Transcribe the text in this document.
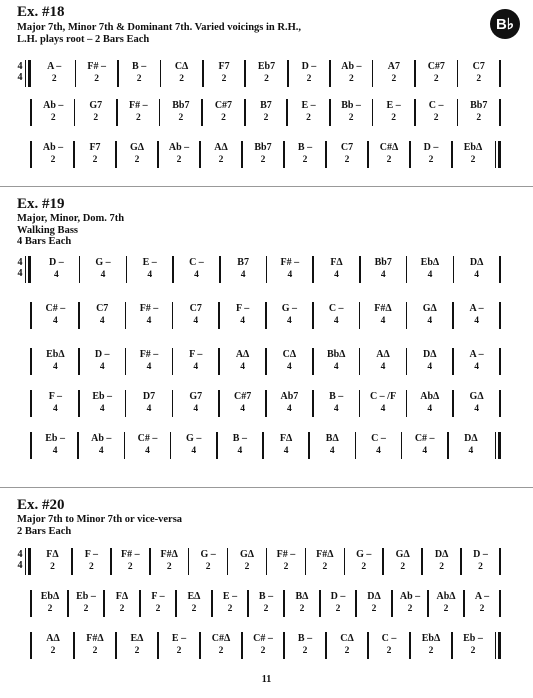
B♭
Ex. #18
Major 7th, Minor 7th & Dominant 7th. Varied voicings in R.H.,
L.H. plays root – 2 Bars Each
4
4
A –
2
F# –
2
B –
2
CΔ
2
F7
2
Eb7
2
D –
2
Ab –
2
A7
2
C#7
2
C7
2
Ab –
2
G7
2
F# –
2
Bb7
2
C#7
2
B7
2
E –
2
Bb –
2
E –
2
C –
2
Bb7
2
Ab –
2
F7
2
GΔ
2
Ab –
2
AΔ
2
Bb7
2
B –
2
C7
2
C#Δ
2
D –
2
EbΔ
2
Ex. #19
Major, Minor, Dom. 7th
Walking Bass
4 Bars Each
4
4
D –
4
G –
4
E –
4
C –
4
B7
4
F# –
4
FΔ
4
Bb7
4
EbΔ
4
DΔ
4
C# –
4
C7
4
F# –
4
C7
4
F –
4
G –
4
C –
4
F#Δ
4
GΔ
4
A –
4
EbΔ
4
D –
4
F# –
4
F –
4
AΔ
4
CΔ
4
BbΔ
4
AΔ
4
DΔ
4
A –
4
F –
4
Eb –
4
D7
4
G7
4
C#7
4
Ab7
4
B –
4
C – /F
4
AbΔ
4
GΔ
4
Eb –
4
Ab –
4
C# –
4
G –
4
B –
4
FΔ
4
BΔ
4
C –
4
C# –
4
DΔ
4
Ex. #20
Major 7th to Minor 7th or vice-versa
2 Bars Each
4
4
FΔ
2
F –
2
F# –
2
F#Δ
2
G –
2
GΔ
2
F# –
2
F#Δ
2
G –
2
GΔ
2
DΔ
2
D –
2
EbΔ
2
Eb –
2
FΔ
2
F –
2
EΔ
2
E –
2
B –
2
BΔ
2
D –
2
DΔ
2
Ab –
2
AbΔ
2
A –
2
AΔ
2
F#Δ
2
EΔ
2
E –
2
C#Δ
2
C# –
2
B –
2
CΔ
2
C –
2
EbΔ
2
Eb –
2
11
